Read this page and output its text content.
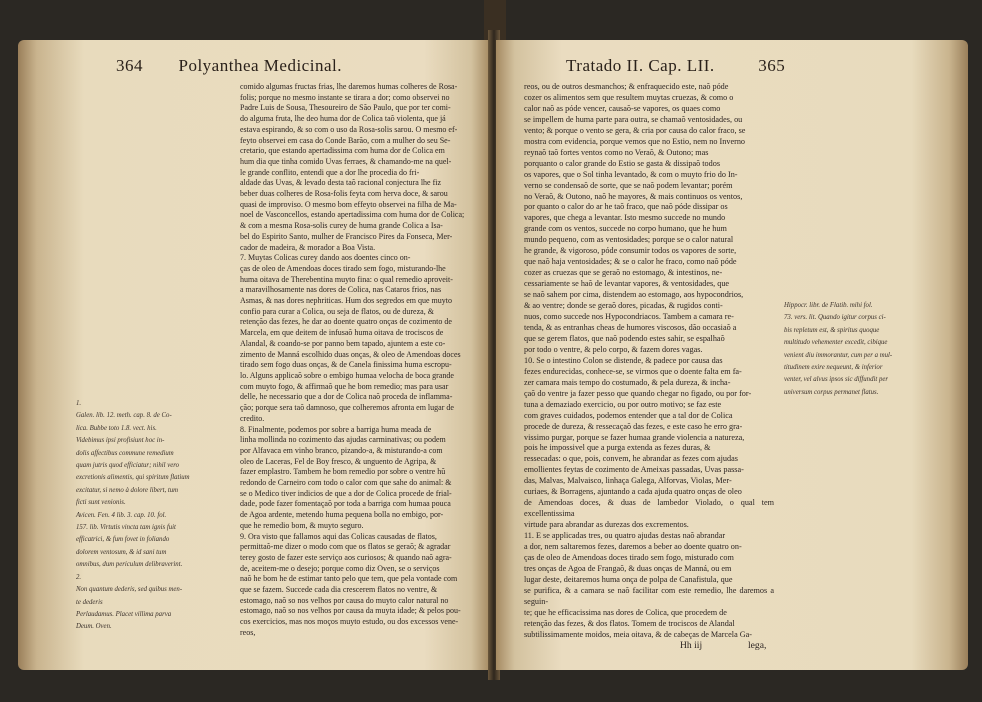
364 Polyanthea Medicinal.

1.

Galen. lib. 12. meth. cap. 8. de Co-

lica. Bubbe toto 1.8. vect. his.

Videbimus ipsi profisiunt hoc in-

dolis affectibus commune remedium

quam jutris quod efficiatur; nihil vero

excretionis alimentis, qui spiritum flatium

excitatur, si nemo à dolore libert, tum

ficti sunt venionis.

Avicen. Fen. 4 lib. 3. cap. 10. fol.

157. lib. Virtutis vincta tam ignis fuit

efficatrici, & fum fovet in foliando

dolorem ventosum, & id sani tum

omnibus, dum periculum delibraverint.

2.

Non quantum dederis, sed quibus men-

te dederis

Perlaudamus. Placet villima parva

Deum. Oven.

comido algumas fructas frias, lhe daremos humas colheres de Rosa-

folis; porque no mesmo instante se tirara a dor; como observei no

Padre Luis de Sousa, Thesoureiro de São Paulo, que por ter comi-

do alguma fruta, lhe deo huma dor de Colica taõ violenta, que já

estava espirando, & so com o uso da Rosa-solis sarou. O mesmo ef-

feyto observei em casa do Conde Barão, com a mulher do seu Se-

cretario, que estando apertadissima com huma dor de Colica em

hum dia que tinha comido Uvas ferraes, & chamando-me na quel-

le grande conflito, entendi que a dor lhe procedia do fri-

aldade das Uvas, & levado desta taõ racional conjectura lhe fiz

beber duas colheres de Rosa-folis feyta com herva doce, & sarou

quasi de improviso. O mesmo bom effeyto observei na filha de Ma-

noel de Vasconcellos, estando apertadissima com huma dor de Colica;

& com a mesma Rosa-solis curey de huma grande Colica a Isa-

bel do Espirito Santo, mulher de Francisco Pires da Fonseca, Mer-

cador de madeira, & morador a Boa Vista.

7. Muytas Colicas curey dando aos doentes cinco on-

ças de oleo de Amendoas doces tirado sem fogo, misturando-lhe

huma oitava de Therebentina muyto fina: o qual remedio aproveit-

a maravilhosamente nas dores de Colica, nas Cataros frios, nas

Asmas, & nas dores nephriticas. Hum dos segredos em que muyto

confio para curar a Colica, ou seja de flatos, ou de dureza, &

retenção das fezes, he dar ao doente quatro onças de cozimento de

Marcela, em que deitem de infusaõ huma oitava de trociscos de

Alandal, & coando-se por panno bem tapado, ajuntem a este co-

zimento de Manná escolhido duas onças, & oleo de Amendoas doces

tirado sem fogo duas onças, & de Canela finissima huma escropu-

lo. Alguns applicaõ sobre o embigo humaa velocha de boca grande

com muyto fogo, & affirmaõ que he bom remedio; mas para usar

delle, he necessario que a dor de Colica naõ proceda de inflamma-

ção; porque sera taõ damnoso, que colheremos afronta em lugar de

credito.

8. Finalmente, podemos por sobre a barriga huma meada de

linha mollinda no cozimento das ajudas carminativas; ou podem

por Alfavaca em vinho branco, pizando-a, & misturando-a com

oleo de Laceras, Fel de Boy fresco, & unguento de Agripa, &

fazer emplastro. Tambem he bom remedio por sobre o ventre hũ

redondo de Carneiro com todo o calor com que sahe do animal: &

se o Medico tiver indicios de que a dor de Colica procede de frial-

dade, pode fazer fomentaçaõ por toda a barriga com humaa pouca

de Agoa ardente, metendo huma pequena bolla no embigo, por-

que he remedio bom, & muyto seguro.

9. Ora visto que fallamos aqui das Colicas causadas de flatos,

permittaõ-me dizer o modo com que os flatos se geraõ; & agradar

terey gosto de fazer este serviço aos curiosos; & quando naõ agra-

de, aceitem-me o desejo; porque como diz Oven, se o serviços

naõ he bom he de estimar tanto pelo que tem, que pela vontade com

que se fazem. Succede cada dia crescerem flatos no ventre, &

estomago, naõ so nos velhos por causa do muyto calor natural no

estomago, naõ so nos velhos por causa da muyta idade; & pelos pou-

cos exercicios, mas nos moços muyto estudo, ou dos excessos vene-

reos,

Tratado II. Cap. LII.	365

reos, ou de outros desmanchos; & enfraquecido este, naõ póde

cozer os alimentos sem que resultem muytas cruezas, & como o

calor naõ as póde vencer, causaõ-se vapores, os quaes como

se impellem de huma parte para outra, se chamaõ ventosidades, ou

vento; & porque o vento se gera, & cria por causa do calor fraco, se

mostra com evidencia, porque vemos que no Estio, nem no Inverno

reynaõ taõ fortes ventos como no Veraõ, & Outono; mas

porquanto o calor grande do Estio se gasta & dissipaõ todos

os vapores, que o Sol tinha levantado, & com o muyto frio do In-

verno se condensaõ de sorte, que se naõ podem levantar; porém

no Veraõ, & Outono, naõ he mayores, & mais continuos os ventos,

por quanto o calor do ar he taõ fraco, que naõ póde dissipar os

vapores, que chega a levantar. Isto mesmo succede no mundo

grande com os ventos, succede no corpo humano, que he hum

mundo pequeno, com as ventosidades; porque se o calor natural

he grande, & vigoroso, póde consumir todos os vapores de sorte,

que naõ haja ventosidades; & se o calor he fraco, como naõ póde

cozer as cruezas que se geraõ no estomago, & intestinos, ne-

cessariamente se haõ de levantar vapores, & ventosidades, que

se naõ sahem por cima, distendem ao estomago, aos hypocondrios,

& ao ventre; donde se geraõ dores, picadas, & rugidos conti-

nuos, como succede nos Hypocondriacos. Tambem a camara re-

tenda, & as entranhas cheas de humores viscosos, dão occasiaõ a

que se gerem flatos, que naõ podendo estes sahir, se espalhaõ

por todo o ventre, & pelo corpo, & fazem dores vagas.

10. Se o intestino Colon se distende, & padece por causa das

fezes endurecidas, conhece-se, se virmos que o doente falta em fa-

zer camara mais tempo do costumado, & pela dureza, & incha-

çaõ do ventre ja fazer pesso que quando chegar no figado, ou por for-

tuna a demaziado exercicio, ou por outro motivo; se faz este

com graves cuidados, podemos entender que a tal dor de Colica

procede de dureza, & ressecaçaõ das fezes, e este caso he erro gra-

vissimo purgar, porque se fazer humaa grande violencia a natureza,

pois he impossivel que a purga extenda as fezes duras, &

ressecadas: o que, pois, convem, he abrandar as fezes com ajudas

emollientes feytas de cozimento de Ameixas passadas, Uvas passa-

das, Malvas, Malvaisco, linhaça Galega, Alforvas, Violas, Mer-

curiaes, & Borragens, ajuntando a cada ajuda quatro onças de oleo

de Amendoas doces, & duas de lambedor Violado, o qual tem excellentissima

virtude para abrandar as durezas dos excrementos.

11. E se applicadas tres, ou quatro ajudas destas naõ abrandar

a dor, nem saltaremos fezes, daremos a beber ao doente quatro on-

ças de oleo de Amendoas doces tirado sem fogo, misturado com

tres onças de Agoa de Frangaõ, & duas onças de Manná, ou em

lugar deste, deitaremos huma onça de polpa de Canafistula, que

se purifica, & a camara se naõ facilitar com este remedio, lhe daremos a seguin-

te; que he efficacissima nas dores de Colica, que procedem de

retenção das fezes, & dos flatos. Tomem de trociscos de Alandal

subtilissimamente moidos, meia oitava, & de cabeças de Marcela Ga-

Hippocr. libr. de Flatib. mihi fol.

73. vers. lit. Quando igitur corpus ci-

bis repletum est, & spiritus quoque

multitudo vehementer excedit, cibique

venient diu immorantur, cum per a mul-

titudinem exire nequeunt, & inferior

venter, vel alvus ipsos sic diffundit per

universum corpus permanet flatus.

Hh iij	lega,
